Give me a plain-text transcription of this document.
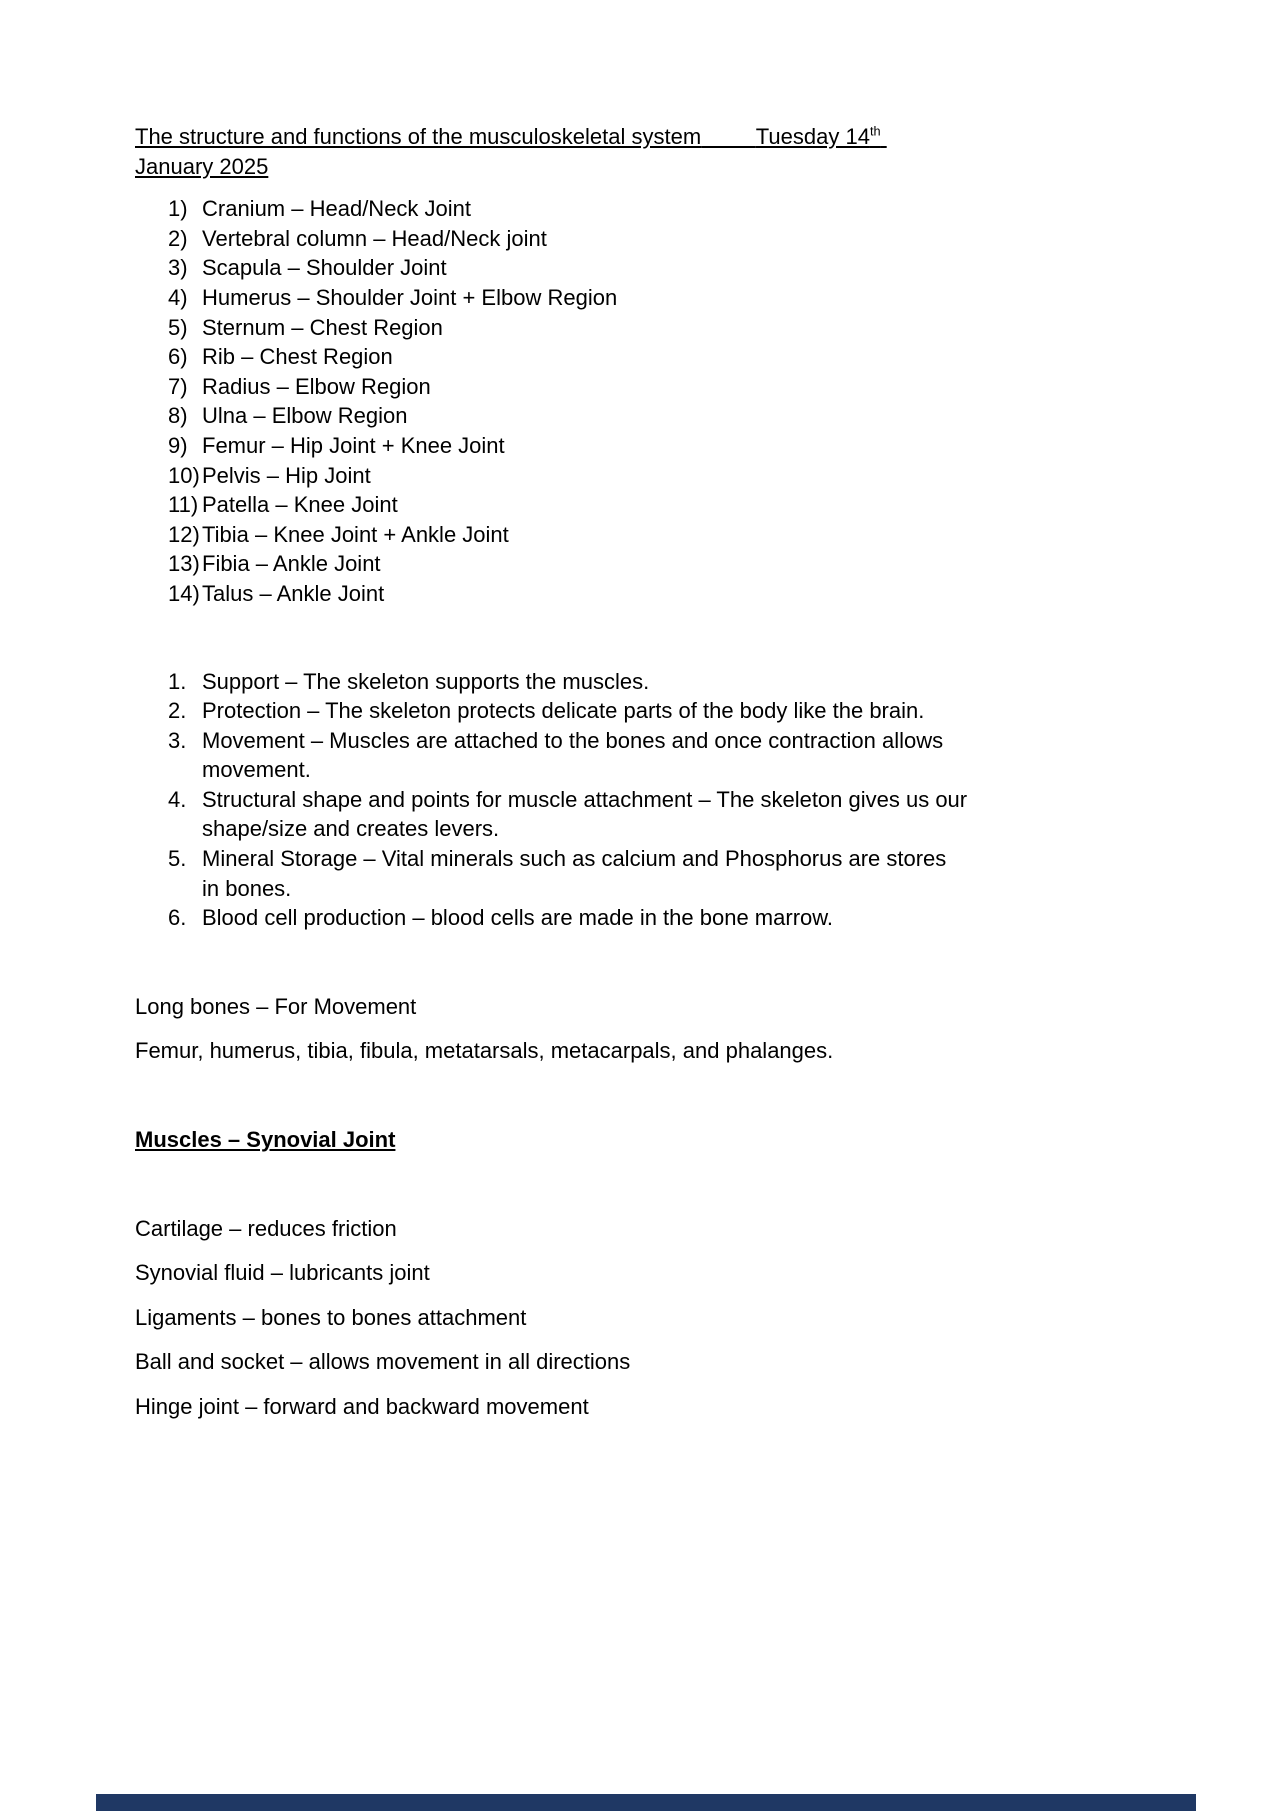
The structure and functions of the musculoskeletal system Tuesday 14th
January 2025
1) Cranium – Head/Neck Joint
2) Vertebral column – Head/Neck joint
3) Scapula – Shoulder Joint
4) Humerus – Shoulder Joint + Elbow Region
5) Sternum – Chest Region
6) Rib – Chest Region
7) Radius – Elbow Region
8) Ulna – Elbow Region
9) Femur – Hip Joint + Knee Joint
10) Pelvis – Hip Joint
11) Patella – Knee Joint
12) Tibia – Knee Joint + Ankle Joint
13) Fibia – Ankle Joint
14) Talus – Ankle Joint
1. Support – The skeleton supports the muscles.
2. Protection – The skeleton protects delicate parts of the body like the brain.
3. Movement – Muscles are attached to the bones and once contraction allows movement.
4. Structural shape and points for muscle attachment – The skeleton gives us our shape/size and creates levers.
5. Mineral Storage – Vital minerals such as calcium and Phosphorus are stores in bones.
6. Blood cell production – blood cells are made in the bone marrow.

Long bones – For Movement

Femur, humerus, tibia, fibula, metatarsals, metacarpals, and phalanges.

Muscles – Synovial Joint

Cartilage – reduces friction

Synovial fluid – lubricants joint

Ligaments – bones to bones attachment

Ball and socket – allows movement in all directions

Hinge joint – forward and backward movement
